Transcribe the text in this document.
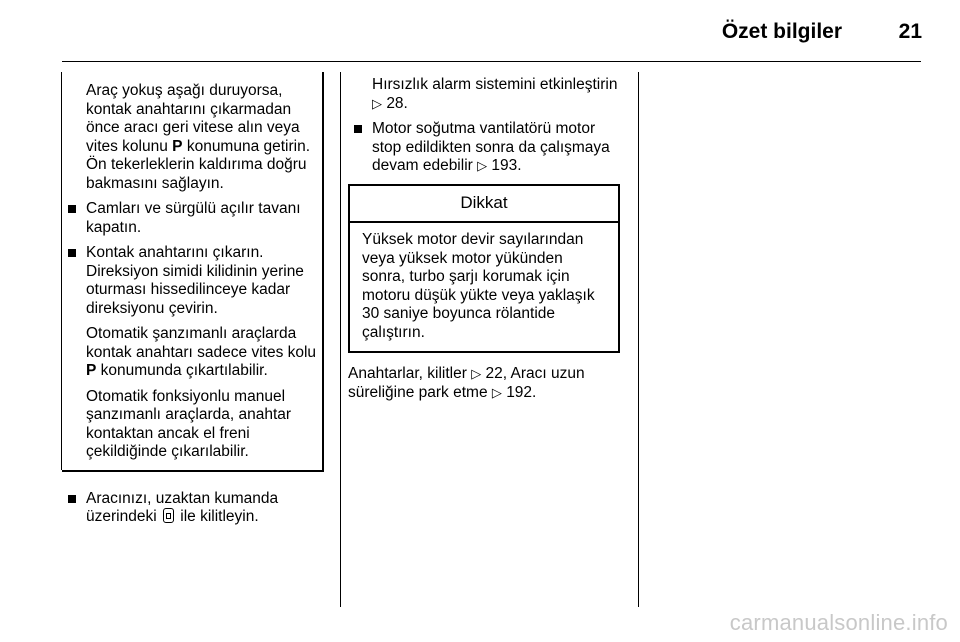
Özet bilgiler	21

Araç yokuş aşağı duruyorsa, kontak anahtarını çıkarmadan önce aracı geri vitese alın veya vites kolunu P konumuna getirin. Ön tekerleklerin kaldırıma doğru bakmasını sağlayın.

Camları ve sürgülü açılır tavanı kapatın.
Kontak anahtarını çıkarın. Direksiyon simidi kilidinin yerine oturması hissedilinceye kadar direksiyonu çevirin.

Otomatik şanzımanlı araçlarda kontak anahtarı sadece vites kolu P konumunda çıkartılabilir.

Otomatik fonksiyonlu manuel şanzımanlı araçlarda, anahtar kontaktan ancak el freni çekildiğinde çıkarılabilir.

Aracınızı, uzaktan kumanda üzerindeki  ile kilitleyin.

Hırsızlık alarm sistemini etkinleştirin ▷ 28.

Motor soğutma vantilatörü motor stop edildikten sonra da çalışmaya devam edebilir ▷ 193.
Dikkat
Yüksek motor devir sayılarından veya yüksek motor yükünden sonra, turbo şarjı korumak için motoru düşük yükte veya yaklaşık 30 saniye boyunca rölantide çalıştırın.

Anahtarlar, kilitler ▷ 22, Aracı uzun süreliğine park etme ▷ 192.

carmanualsonline.info
